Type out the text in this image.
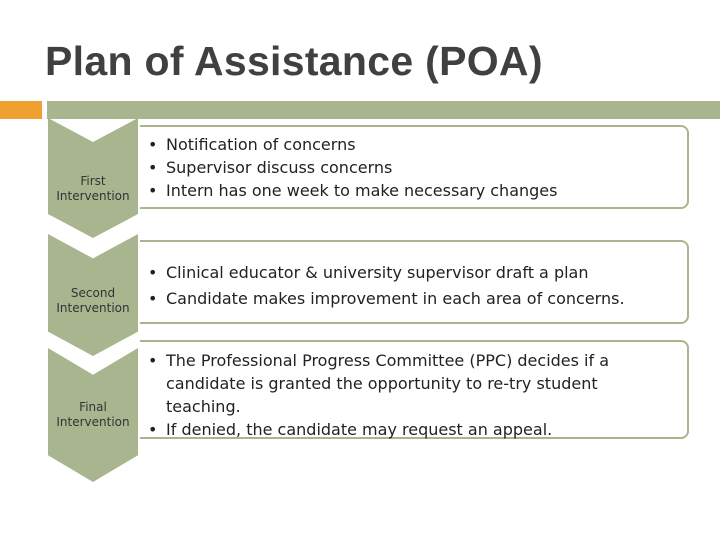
Plan of Assistance (POA)
First
Intervention
• Notification of concerns
• Supervisor discuss concerns
• Intern has one week to make necessary changes
Second
Intervention
• Clinical educator & university supervisor draft a plan
• Candidate makes improvement in each area of concerns.
Final
Intervention
• The Professional Progress Committee (PPC) decides if a candidate is granted the opportunity to re-try student teaching.
• If denied, the candidate may request an appeal.
